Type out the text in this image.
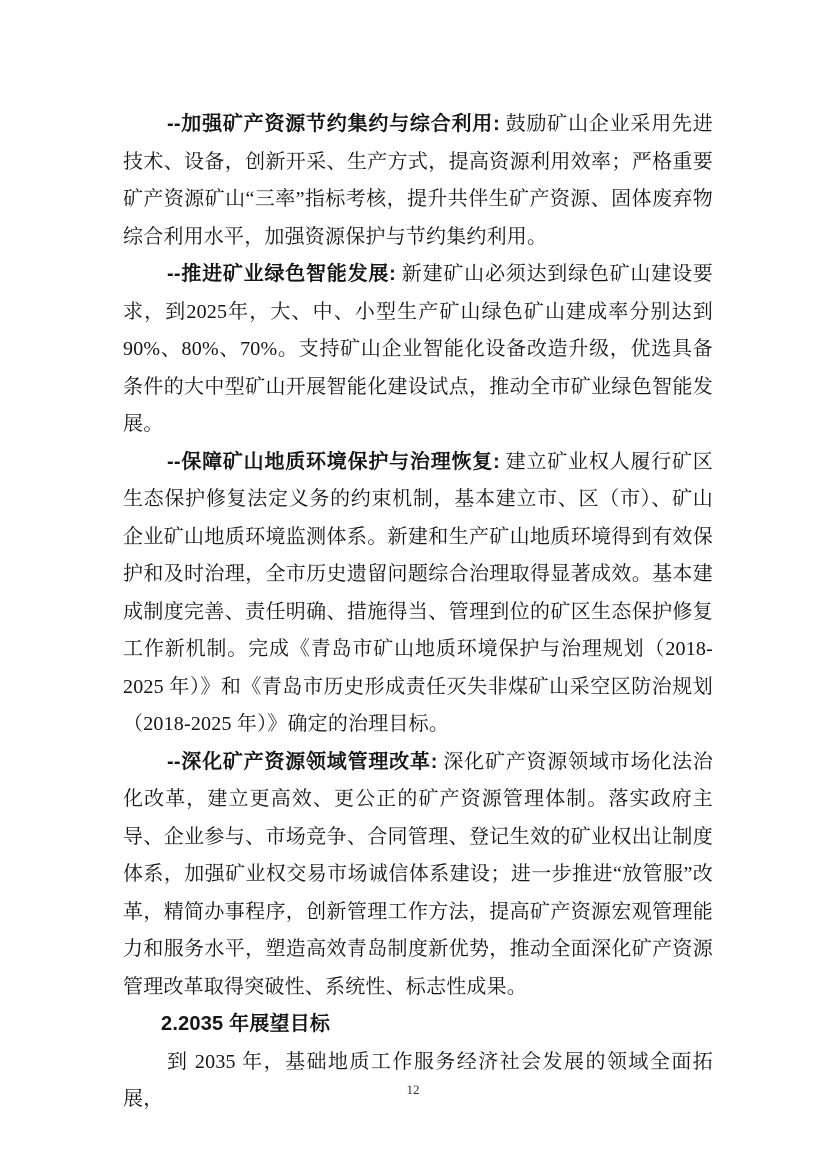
--加强矿产资源节约集约与综合利用: 鼓励矿山企业采用先进技术、设备，创新开采、生产方式，提高资源利用效率；严格重要矿产资源矿山“三率”指标考核，提升共伴生矿产资源、固体废弃物综合利用水平，加强资源保护与节约集约利用。

--推进矿业绿色智能发展: 新建矿山必须达到绿色矿山建设要求，到2025年，大、中、小型生产矿山绿色矿山建成率分别达到90%、80%、70%。支持矿山企业智能化设备改造升级，优选具备条件的大中型矿山开展智能化建设试点，推动全市矿业绿色智能发展。

--保障矿山地质环境保护与治理恢复: 建立矿业权人履行矿区生态保护修复法定义务的约束机制，基本建立市、区（市）、矿山企业矿山地质环境监测体系。新建和生产矿山地质环境得到有效保护和及时治理，全市历史遗留问题综合治理取得显著成效。基本建成制度完善、责任明确、措施得当、管理到位的矿区生态保护修复工作新机制。完成《青岛市矿山地质环境保护与治理规划（2018-2025 年）》和《青岛市历史形成责任灭失非煤矿山采空区防治规划（2018-2025 年）》确定的治理目标。

--深化矿产资源领域管理改革: 深化矿产资源领域市场化法治化改革，建立更高效、更公正的矿产资源管理体制。落实政府主导、企业参与、市场竞争、合同管理、登记生效的矿业权出让制度体系，加强矿业权交易市场诚信体系建设；进一步推进“放管服”改革，精简办事程序，创新管理工作方法，提高矿产资源宏观管理能力和服务水平，塑造高效青岛制度新优势，推动全面深化矿产资源管理改革取得突破性、系统性、标志性成果。

2.2035 年展望目标

到 2035 年，基础地质工作服务经济社会发展的领域全面拓展，	12
